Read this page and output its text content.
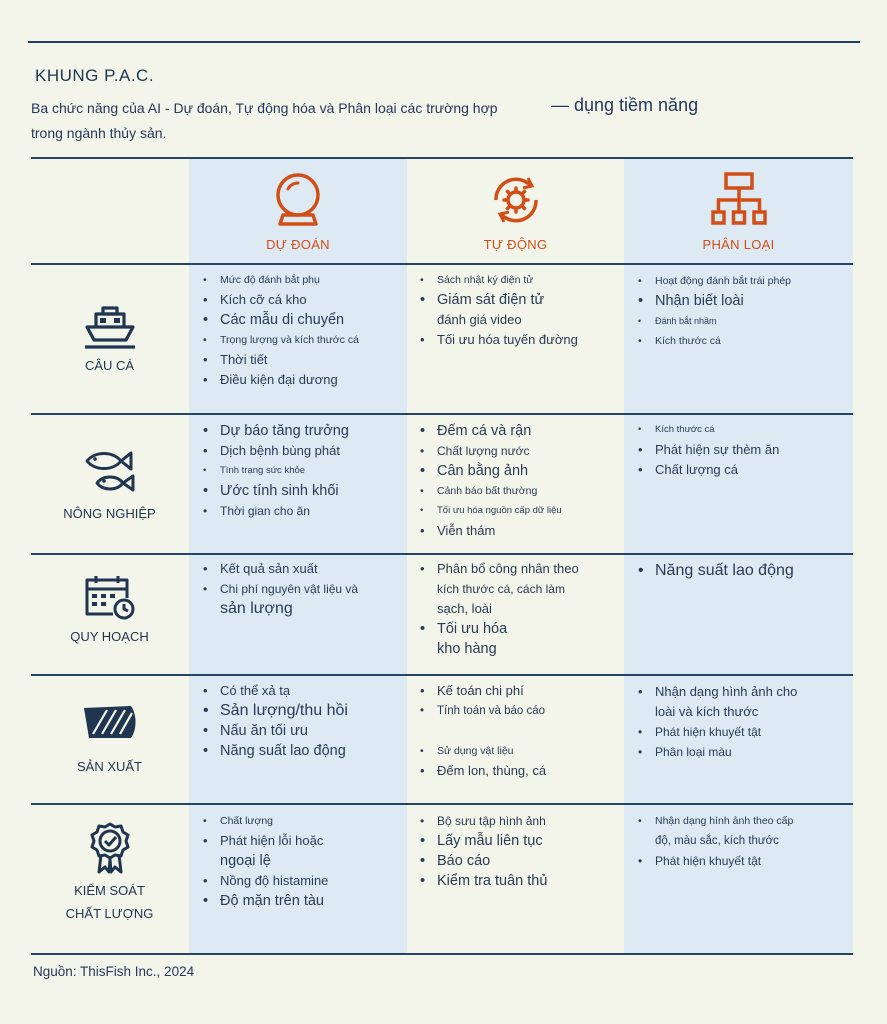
KHUNG P.A.C.
Ba chức năng của AI - Dự đoán, Tự động hóa và Phân loại các trường hợp trong ngành thủy sản.
— dụng tiềm năng
DỰ ĐOÁN	TỰ ĐỘNG	PHÂN LOẠI
CÂU CÁ
• Mức độ đánh bắt phụ
• Kích cỡ cá kho
• Các mẫu di chuyển
• Trọng lượng và kích thước cá
• Thời tiết
• Điều kiện đại dương
• Sách nhật ký điện tử
• Giám sát điện tử
đánh giá video
• Tối ưu hóa tuyến đường
• Hoạt động đánh bắt trái phép
• Nhận biết loài
• Đánh bắt nhầm
• Kích thước cá
NÔNG NGHIỆP
• Dự báo tăng trưởng
• Dịch bệnh bùng phát
• Tình trạng sức khỏe
• Ước tính sinh khối
• Thời gian cho ăn
• Đếm cá và rận
• Chất lượng nước
• Cân bằng ảnh
• Cảnh báo bất thường
• Tối ưu hóa nguồn cấp dữ liệu
• Viễn thám
• Kích thước cá
• Phát hiện sự thèm ăn
• Chất lượng cá
QUY HOẠCH
• Kết quả sản xuất
• Chi phí nguyên vật liệu và
sản lượng
• Phân bổ công nhân theo
kích thước cá, cách làm
sạch, loài
• Tối ưu hóa
kho hàng
• Năng suất lao động
SẢN XUẤT
• Có thể xả tạ
• Sản lượng/thu hồi
• Nấu ăn tối ưu
• Năng suất lao động
• Kế toán chi phí
• Tính toán và báo cáo
• Sử dụng vật liệu
• Đếm lon, thùng, cá
• Nhận dạng hình ảnh cho
loài và kích thước
• Phát hiện khuyết tật
• Phân loại màu
KIỂM SOÁT
CHẤT LƯỢNG
• Chất lượng
• Phát hiện lỗi hoặc
ngoại lệ
• Nồng độ histamine
• Độ mặn trên tàu
• Bộ sưu tập hình ảnh
• Lấy mẫu liên tục
• Báo cáo
• Kiểm tra tuân thủ
• Nhận dạng hình ảnh theo cấp
độ, màu sắc, kích thước
• Phát hiện khuyết tật
Nguồn: ThisFish Inc., 2024
